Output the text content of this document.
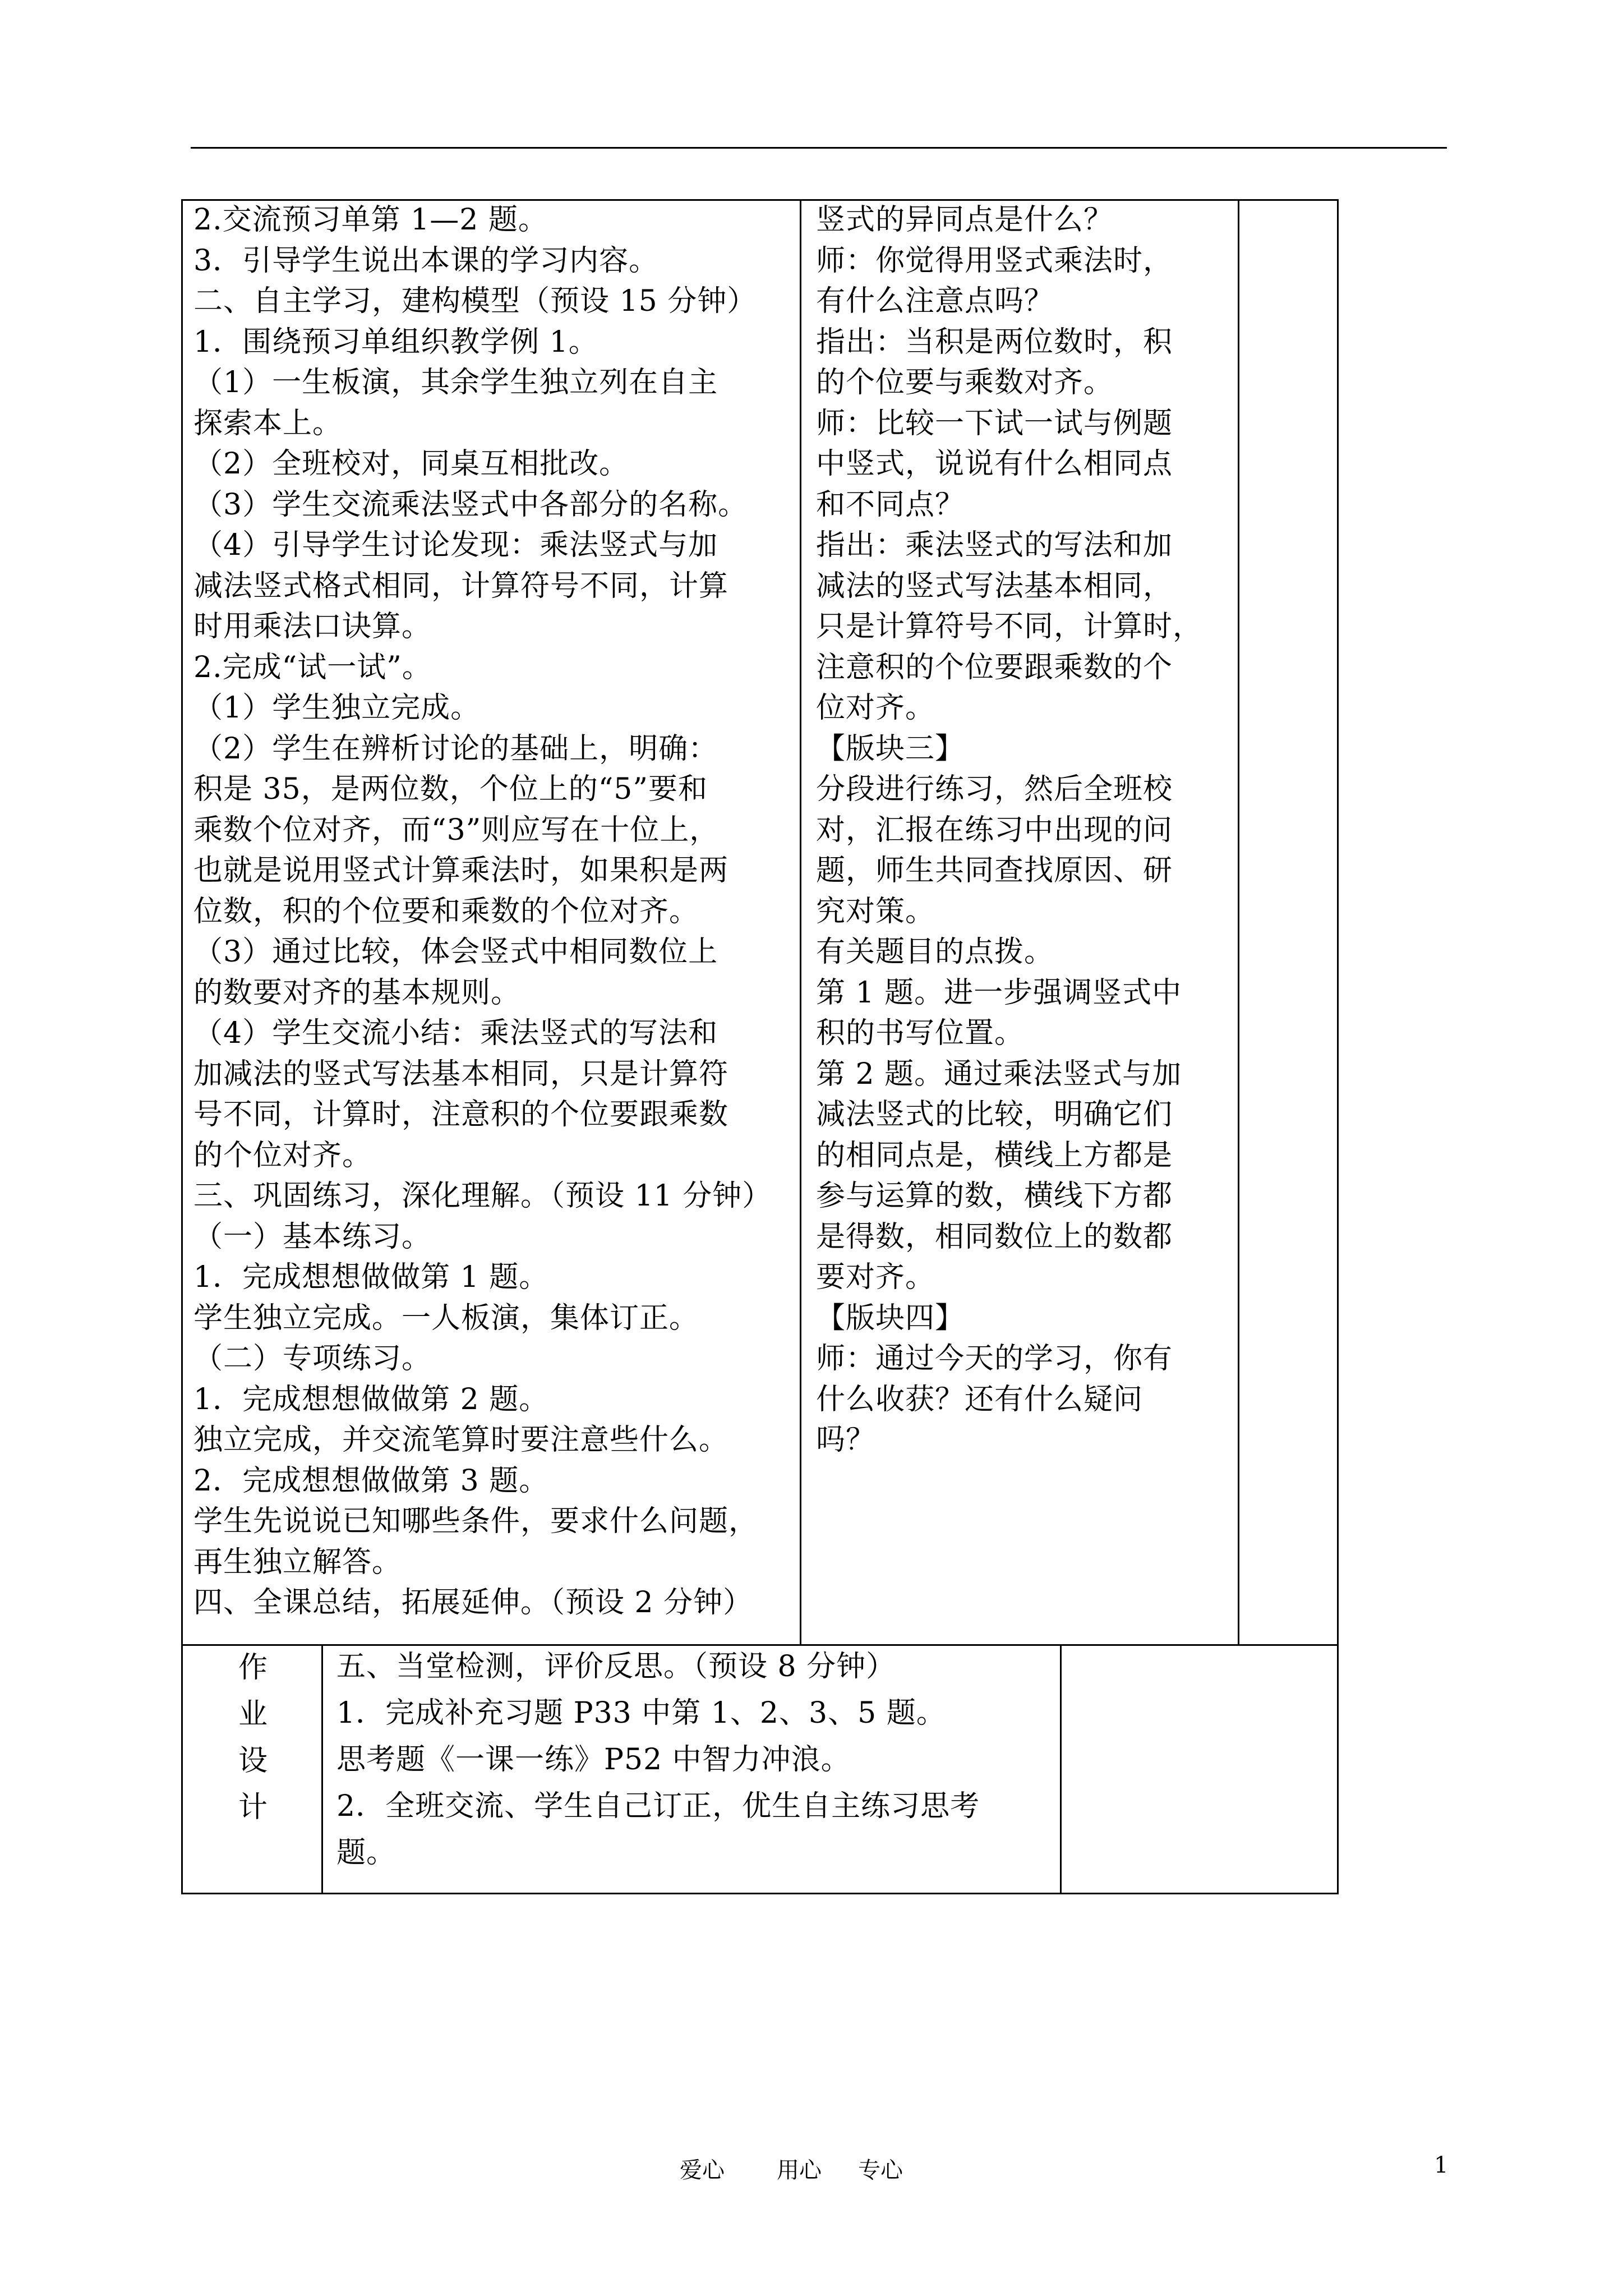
2.交流预习单第 1—2 题。
3．引导学生说出本课的学习内容。
二、自主学习，建构模型（预设 15 分钟）
1．围绕预习单组织教学例 1。
（1）一生板演，其余学生独立列在自主
探索本上。
（2）全班校对，同桌互相批改。
（3）学生交流乘法竖式中各部分的名称。
（4）引导学生讨论发现：乘法竖式与加
减法竖式格式相同，计算符号不同，计算
时用乘法口诀算。
2.完成“试一试”。
（1）学生独立完成。
（2）学生在辨析讨论的基础上，明确：
积是 35，是两位数，个位上的“5”要和
乘数个位对齐，而“3”则应写在十位上，
也就是说用竖式计算乘法时，如果积是两
位数，积的个位要和乘数的个位对齐。
（3）通过比较，体会竖式中相同数位上
的数要对齐的基本规则。
（4）学生交流小结：乘法竖式的写法和
加减法的竖式写法基本相同，只是计算符
号不同，计算时，注意积的个位要跟乘数
的个位对齐。
三、巩固练习，深化理解。（预设 11 分钟）
（一）基本练习。
1．完成想想做做第 1 题。
学生独立完成。一人板演，集体订正。
（二）专项练习。
1．完成想想做做第 2 题。
独立完成，并交流笔算时要注意些什么。
2．完成想想做做第 3 题。
学生先说说已知哪些条件，要求什么问题，
再生独立解答。
四、全课总结，拓展延伸。（预设 2 分钟）
竖式的异同点是什么？
师：你觉得用竖式乘法时，
有什么注意点吗？
指出：当积是两位数时，积
的个位要与乘数对齐。
师：比较一下试一试与例题
中竖式，说说有什么相同点
和不同点？
指出：乘法竖式的写法和加
减法的竖式写法基本相同，
只是计算符号不同，计算时，
注意积的个位要跟乘数的个
位对齐。
【版块三】
分段进行练习，然后全班校
对，汇报在练习中出现的问
题，师生共同查找原因、研
究对策。
有关题目的点拨。
第 1 题。进一步强调竖式中
积的书写位置。
第 2 题。通过乘法竖式与加
减法竖式的比较，明确它们
的相同点是，横线上方都是
参与运算的数，横线下方都
是得数，相同数位上的数都
要对齐。
【版块四】
师：通过今天的学习，你有
什么收获？还有什么疑问
吗？
作
业
设
计
五、当堂检测，评价反思。（预设 8 分钟）
1．完成补充习题 P33 中第 1、2、3、5 题。
思考题《一课一练》P52 中智力冲浪。
2．全班交流、学生自己订正，优生自主练习思考
题。
爱心 用心 专心	1
